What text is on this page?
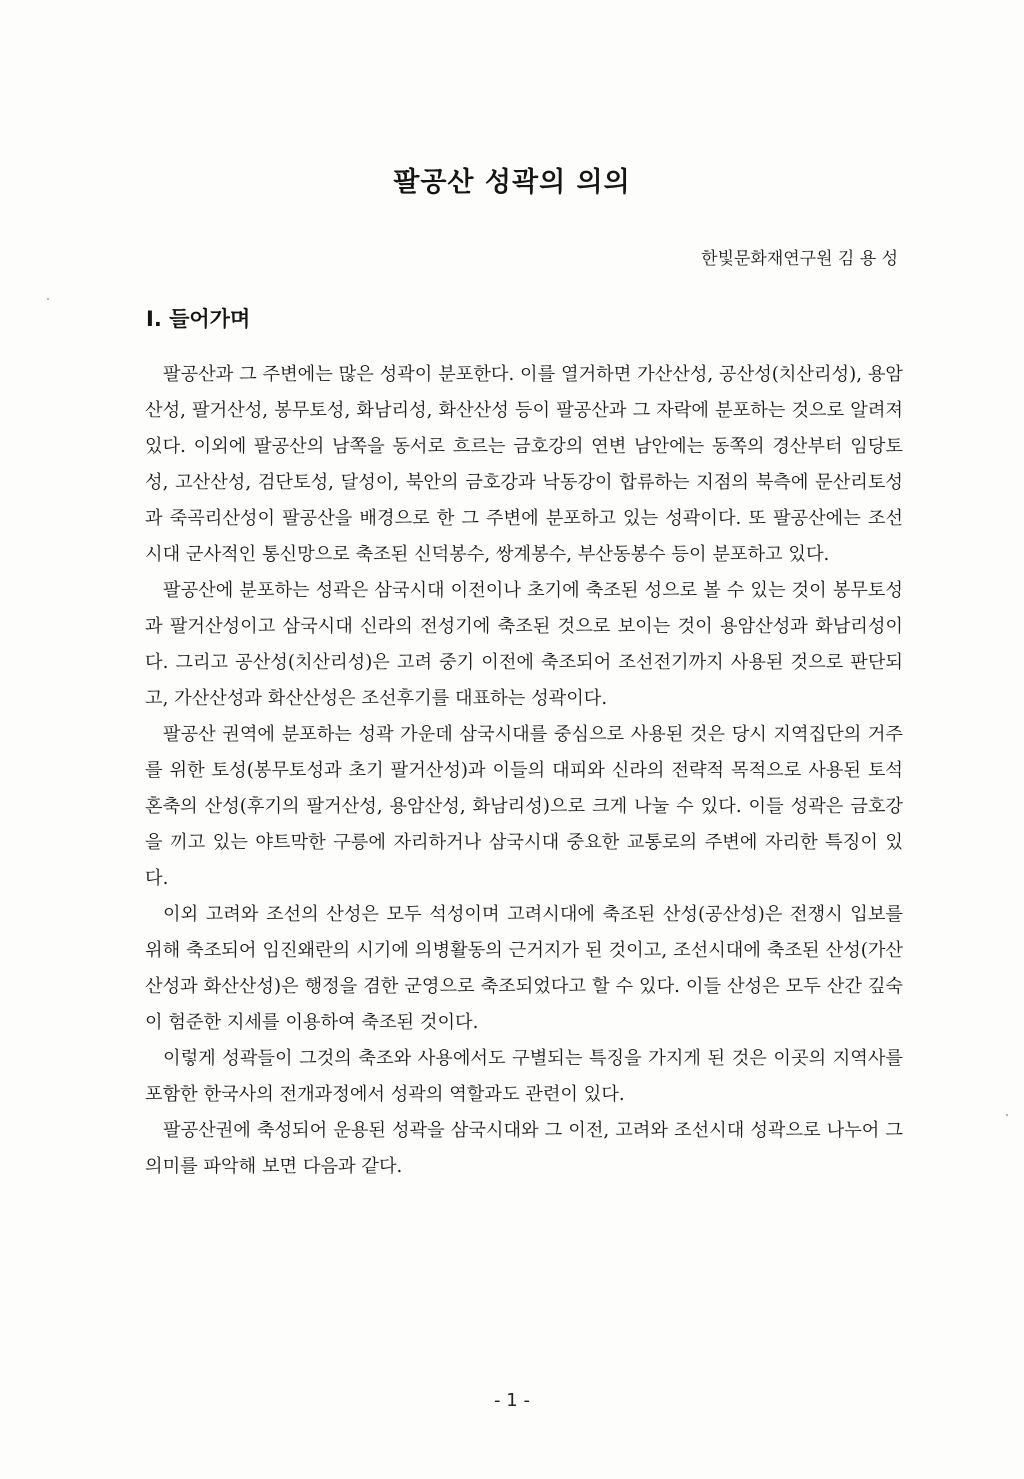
팔공산 성곽의 의의
한빛문화재연구원 김 용 성
Ⅰ. 들어가며

팔공산과 그 주변에는 많은 성곽이 분포한다. 이를 열거하면 가산산성, 공산성(치산리성), 용암산성, 팔거산성, 봉무토성, 화남리성, 화산산성 등이 팔공산과 그 자락에 분포하는 것으로 알려져 있다. 이외에 팔공산의 남쪽을 동서로 흐르는 금호강의 연변 남안에는 동쪽의 경산부터 임당토성, 고산산성, 검단토성, 달성이, 북안의 금호강과 낙동강이 합류하는 지점의 북측에 문산리토성과 죽곡리산성이 팔공산을 배경으로 한 그 주변에 분포하고 있는 성곽이다. 또 팔공산에는 조선시대 군사적인 통신망으로 축조된 신덕봉수, 쌍계봉수, 부산동봉수 등이 분포하고 있다.

팔공산에 분포하는 성곽은 삼국시대 이전이나 초기에 축조된 성으로 볼 수 있는 것이 봉무토성과 팔거산성이고 삼국시대 신라의 전성기에 축조된 것으로 보이는 것이 용암산성과 화남리성이다. 그리고 공산성(치산리성)은 고려 중기 이전에 축조되어 조선전기까지 사용된 것으로 판단되고, 가산산성과 화산산성은 조선후기를 대표하는 성곽이다.

팔공산 권역에 분포하는 성곽 가운데 삼국시대를 중심으로 사용된 것은 당시 지역집단의 거주를 위한 토성(봉무토성과 초기 팔거산성)과 이들의 대피와 신라의 전략적 목적으로 사용된 토석혼축의 산성(후기의 팔거산성, 용암산성, 화남리성)으로 크게 나눌 수 있다. 이들 성곽은 금호강을 끼고 있는 야트막한 구릉에 자리하거나 삼국시대 중요한 교통로의 주변에 자리한 특징이 있다.

이외 고려와 조선의 산성은 모두 석성이며 고려시대에 축조된 산성(공산성)은 전쟁시 입보를 위해 축조되어 임진왜란의 시기에 의병활동의 근거지가 된 것이고, 조선시대에 축조된 산성(가산산성과 화산산성)은 행정을 겸한 군영으로 축조되었다고 할 수 있다. 이들 산성은 모두 산간 깊숙이 험준한 지세를 이용하여 축조된 것이다.

이렇게 성곽들이 그것의 축조와 사용에서도 구별되는 특징을 가지게 된 것은 이곳의 지역사를 포함한 한국사의 전개과정에서 성곽의 역할과도 관련이 있다.

팔공산권에 축성되어 운용된 성곽을 삼국시대와 그 이전, 고려와 조선시대 성곽으로 나누어 그 의미를 파악해 보면 다음과 같다.

- 1 -
